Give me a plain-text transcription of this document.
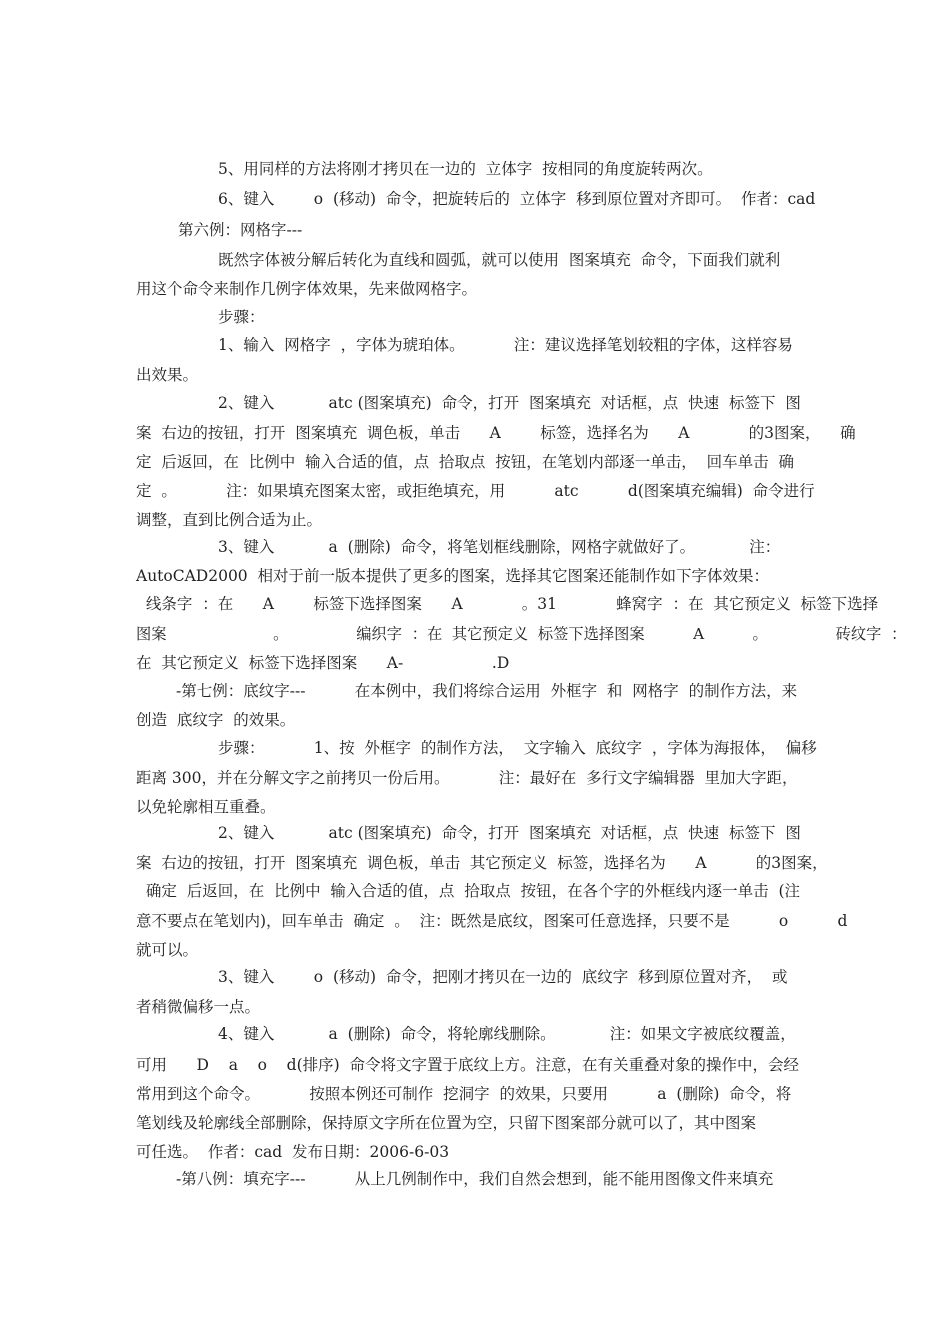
5、用同样的方法将刚才拷贝在一边的  立体字  按相同的角度旋转两次。
6、键入        o  (移动)  命令，把旋转后的  立体字  移到原位置对齐即可。  作者：cad
第六例：网格字---
既然字体被分解后转化为直线和圆弧，就可以使用  图案填充  命令，下面我们就利
用这个命令来制作几例字体效果，先来做网格字。
步骤：
1、输入  网格字  ，字体为琥珀体。          注：建议选择笔划较粗的字体，这样容易
出效果。
2、键入           atc (图案填充)  命令，打开  图案填充  对话框，点  快速  标签下  图
案  右边的按钮，打开  图案填充  调色板，单击      A        标签，选择名为      A            的3图案，    确
定  后返回，在  比例中  输入合适的值，点  拾取点  按钮，在笔划内部逐一单击，  回车单击  确
定  。          注：如果填充图案太密，或拒绝填充，用          atc          d(图案填充编辑)  命令进行
调整，直到比例合适为止。
3、键入           a  (删除)  命令，将笔划框线删除，网格字就做好了。           注：
AutoCAD2000  相对于前一版本提供了更多的图案，选择其它图案还能制作如下字体效果：
线条字  ：在      A        标签下选择图案      A            。31            蜂窝字  ：在  其它预定义  标签下选择
图案                      。              编织字  ：在  其它预定义  标签下选择图案          A          。              砖纹字  ：
在  其它预定义  标签下选择图案      A-                  .D
-第七例：底纹字---          在本例中，我们将综合运用  外框字  和  网格字  的制作方法，来
创造  底纹字  的效果。
步骤：          1、按  外框字  的制作方法，  文字输入  底纹字  ，字体为海报体，  偏移
距离 300，并在分解文字之前拷贝一份后用。          注：最好在  多行文字编辑器  里加大字距，
以免轮廓相互重叠。
2、键入           atc (图案填充)  命令，打开  图案填充  对话框，点  快速  标签下  图
案  右边的按钮，打开  图案填充  调色板，单击  其它预定义  标签，选择名为      A          的3图案，
确定  后返回，在  比例中  输入合适的值，点  拾取点  按钮，在各个字的外框线内逐一单击  (注
意不要点在笔划内)，回车单击  确定  。  注：既然是底纹，图案可任意选择，只要不是          o          d
就可以。
3、键入        o  (移动)  命令，把刚才拷贝在一边的  底纹字  移到原位置对齐，  或
者稍微偏移一点。
4、键入           a  (删除)  命令，将轮廓线删除。           注：如果文字被底纹覆盖，
可用      D    a    o    d(排序)  命令将文字置于底纹上方。注意，在有关重叠对象的操作中，会经
常用到这个命令。          按照本例还可制作  挖洞字  的效果，只要用          a  (删除)  命令，将
笔划线及轮廓线全部删除，保持原文字所在位置为空，只留下图案部分就可以了，其中图案
可任选。  作者：cad  发布日期：2006-6-03
-第八例：填充字---          从上几例制作中，我们自然会想到，能不能用图像文件来填充
